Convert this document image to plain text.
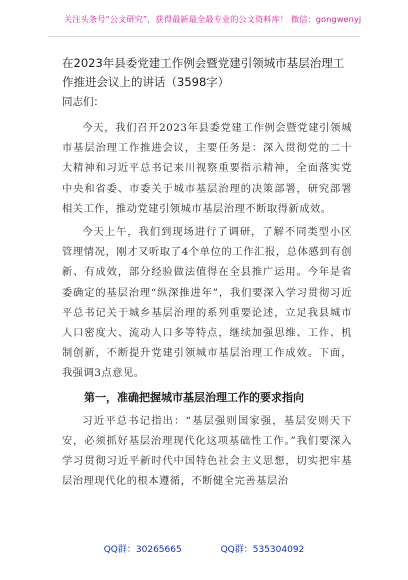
关注头条号“公文研究”，获得最新最全最专业的公文资料库！ 微信：gongwenyj
在2023年县委党建工作例会暨党建引领城市基层治理工作推进会议上的讲话（3598字）

同志们：

今天，我们召开2023年县委党建工作例会暨党建引领城市基层治理工作推进会议，主要任务是：深入贯彻党的二十大精神和习近平总书记来川视察重要指示精神，全面落实党中央和省委、市委关于城市基层治理的决策部署，研究部署相关工作，推动党建引领城市基层治理不断取得新成效。

今天上午，我们到现场进行了调研，了解不同类型小区管理情况，刚才又听取了4个单位的工作汇报，总体感到有创新、有成效，部分经验做法值得在全县推广运用。今年是省委确定的基层治理“纵深推进年”，我们要深入学习贯彻习近平总书记关于城乡基层治理的系列重要论述，立足我县城市人口密度大、流动人口多等特点，继续加强思维、工作、机制创新，不断提升党建引领城市基层治理工作成效。下面，我强调3点意见。

第一，准确把握城市基层治理工作的要求指向

习近平总书记指出：“基层强则国家强，基层安则天下安，必须抓好基层治理现代化这项基础性工作。”我们要深入学习贯彻习近平新时代中国特色社会主义思想，切实把牢基层治理现代化的根本遵循，不断健全完善基层治

QQ群：30265665	QQ群：535304092
